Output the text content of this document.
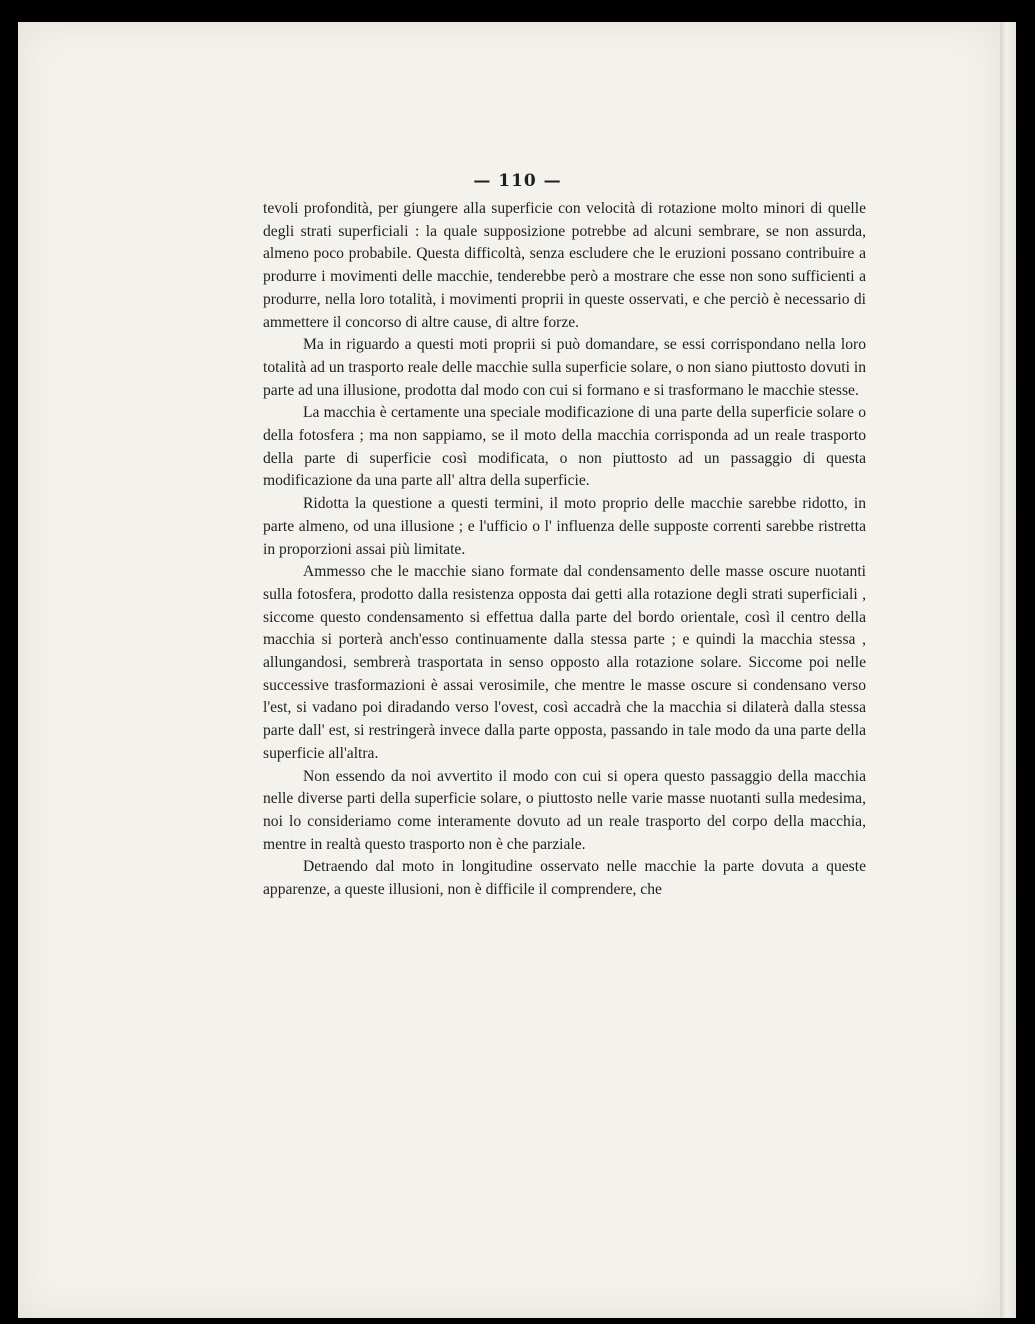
— 110 —

tevoli profondità, per giungere alla superficie con velocità di rotazione molto minori di quelle degli strati superficiali : la quale supposizione potrebbe ad alcuni sembrare, se non assurda, almeno poco probabile. Questa difficoltà, senza escludere che le eruzioni possano contribuire a produrre i movimenti delle macchie, tenderebbe però a mostrare che esse non sono sufficienti a produrre, nella loro totalità, i movimenti proprii in queste osservati, e che perciò è necessario di ammettere il concorso di altre cause, di altre forze.

Ma in riguardo a questi moti proprii si può domandare, se essi corrispondano nella loro totalità ad un trasporto reale delle macchie sulla superficie solare, o non siano piuttosto dovuti in parte ad una illusione, prodotta dal modo con cui si formano e si trasformano le macchie stesse.

La macchia è certamente una speciale modificazione di una parte della superficie solare o della fotosfera ; ma non sappiamo, se il moto della macchia corrisponda ad un reale trasporto della parte di superficie così modificata, o non piuttosto ad un passaggio di questa modificazione da una parte all' altra della superficie.

Ridotta la questione a questi termini, il moto proprio delle macchie sarebbe ridotto, in parte almeno, od una illusione ; e l'ufficio o l' influenza delle supposte correnti sarebbe ristretta in proporzioni assai più limitate.

Ammesso che le macchie siano formate dal condensamento delle masse oscure nuotanti sulla fotosfera, prodotto dalla resistenza opposta dai getti alla rotazione degli strati superficiali , siccome questo condensamento si effettua dalla parte del bordo orientale, così il centro della macchia si porterà anch'esso continuamente dalla stessa parte ; e quindi la macchia stessa , allungandosi, sembrerà trasportata in senso opposto alla rotazione solare. Siccome poi nelle successive trasformazioni è assai verosimile, che mentre le masse oscure si condensano verso l'est, si vadano poi diradando verso l'ovest, così accadrà che la macchia si dilaterà dalla stessa parte dall' est, si restringerà invece dalla parte opposta, passando in tale modo da una parte della superficie all'altra.

Non essendo da noi avvertito il modo con cui si opera questo passaggio della macchia nelle diverse parti della superficie solare, o piuttosto nelle varie masse nuotanti sulla medesima, noi lo consideriamo come interamente dovuto ad un reale trasporto del corpo della macchia, mentre in realtà questo trasporto non è che parziale.

Detraendo dal moto in longitudine osservato nelle macchie la parte dovuta a queste apparenze, a queste illusioni, non è difficile il comprendere, che
